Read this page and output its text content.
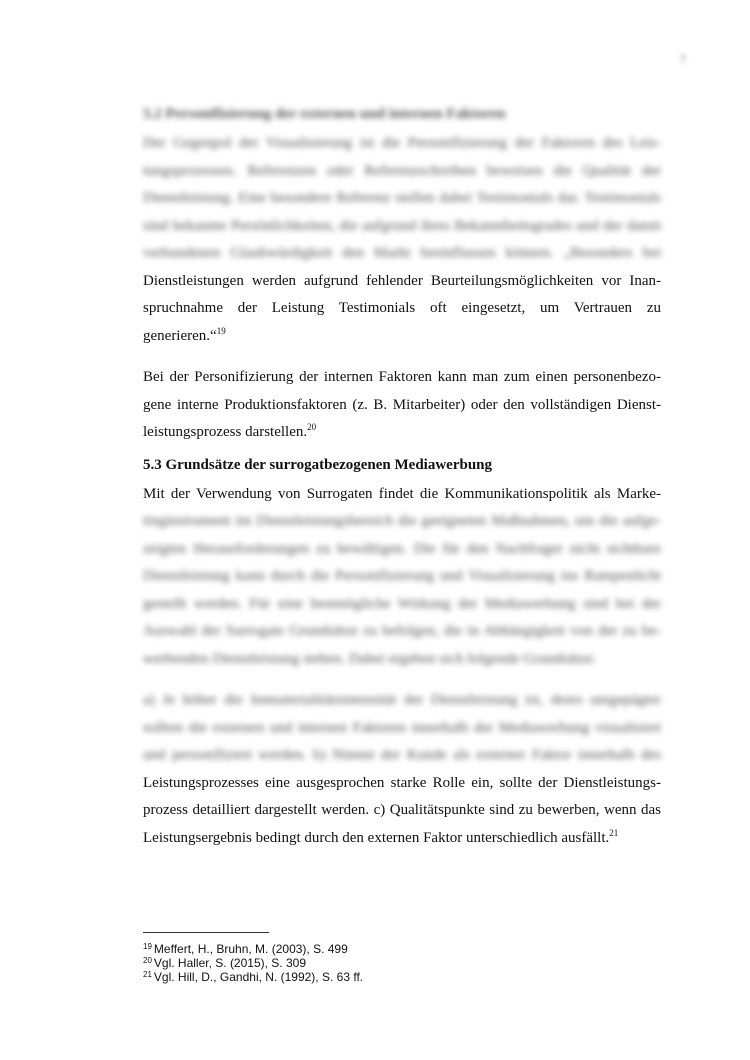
7
5.2 Personifizierung der externen und internen Faktoren
Der Gegenpol der Visualisierung ist die Personifizierung der Faktoren des Leis-
tungsprozesses. Referenzen oder Referenzschreiben beweisen die Qualität der
Dienstleistung. Eine besondere Referenz stellen dabei Testimonials dar. Testimonials
sind bekannte Persönlichkeiten, die aufgrund ihres Bekanntheitsgrades und der damit
verbundenen Glaubwürdigkeit den Markt beeinflussen können. „Besonders bei
Dienstleistungen werden aufgrund fehlender Beurteilungsmöglichkeiten vor Inan-
spruchnahme der Leistung Testimonials oft eingesetzt, um Vertrauen zu
generieren.“$^{19}$
Bei der Personifizierung der internen Faktoren kann man zum einen personenbezo-
gene interne Produktionsfaktoren (z. B. Mitarbeiter) oder den vollständigen Dienst-
leistungsprozess darstellen.$^{20}$
5.3 Grundsätze der surrogatbezogenen Mediawerbung
Mit der Verwendung von Surrogaten findet die Kommunikationspolitik als Marke-
tinginstrument im Dienstleistungsbereich die geeigneten Maßnahmen, um die aufge-
zeigten Herausforderungen zu bewältigen. Die für den Nachfrager nicht sichtbare
Dienstleistung kann durch die Personifizierung und Visualisierung ins Rampenlicht
gestellt werden. Für eine bestmögliche Wirkung der Mediawerbung sind bei der
Auswahl der Surrogate Grundsätze zu befolgen, die in Abhängigkeit von der zu be-
werbenden Dienstleistung stehen. Dabei ergeben sich folgende Grundsätze:
a) Je höher die Immaterialitätsintensität der Dienstleistung ist, desto umgepägter
sollten die externen und internen Faktoren innerhalb der Mediawerbung visualisiert
und personifiziert werden. b) Nimmt der Kunde als externer Faktor innerhalb des
Leistungsprozesses eine ausgesprochen starke Rolle ein, sollte der Dienstleistungs-
prozess detailliert dargestellt werden. c) Qualitätspunkte sind zu bewerben, wenn das
Leistungsergebnis bedingt durch den externen Faktor unterschiedlich ausfällt.$^{21}$
$^{19}$ Meffert, H., Bruhn, M. (2003), S. 499
$^{20}$ Vgl. Haller, S. (2015), S. 309
$^{21}$ Vgl. Hill, D., Gandhi, N. (1992), S. 63 ff.
